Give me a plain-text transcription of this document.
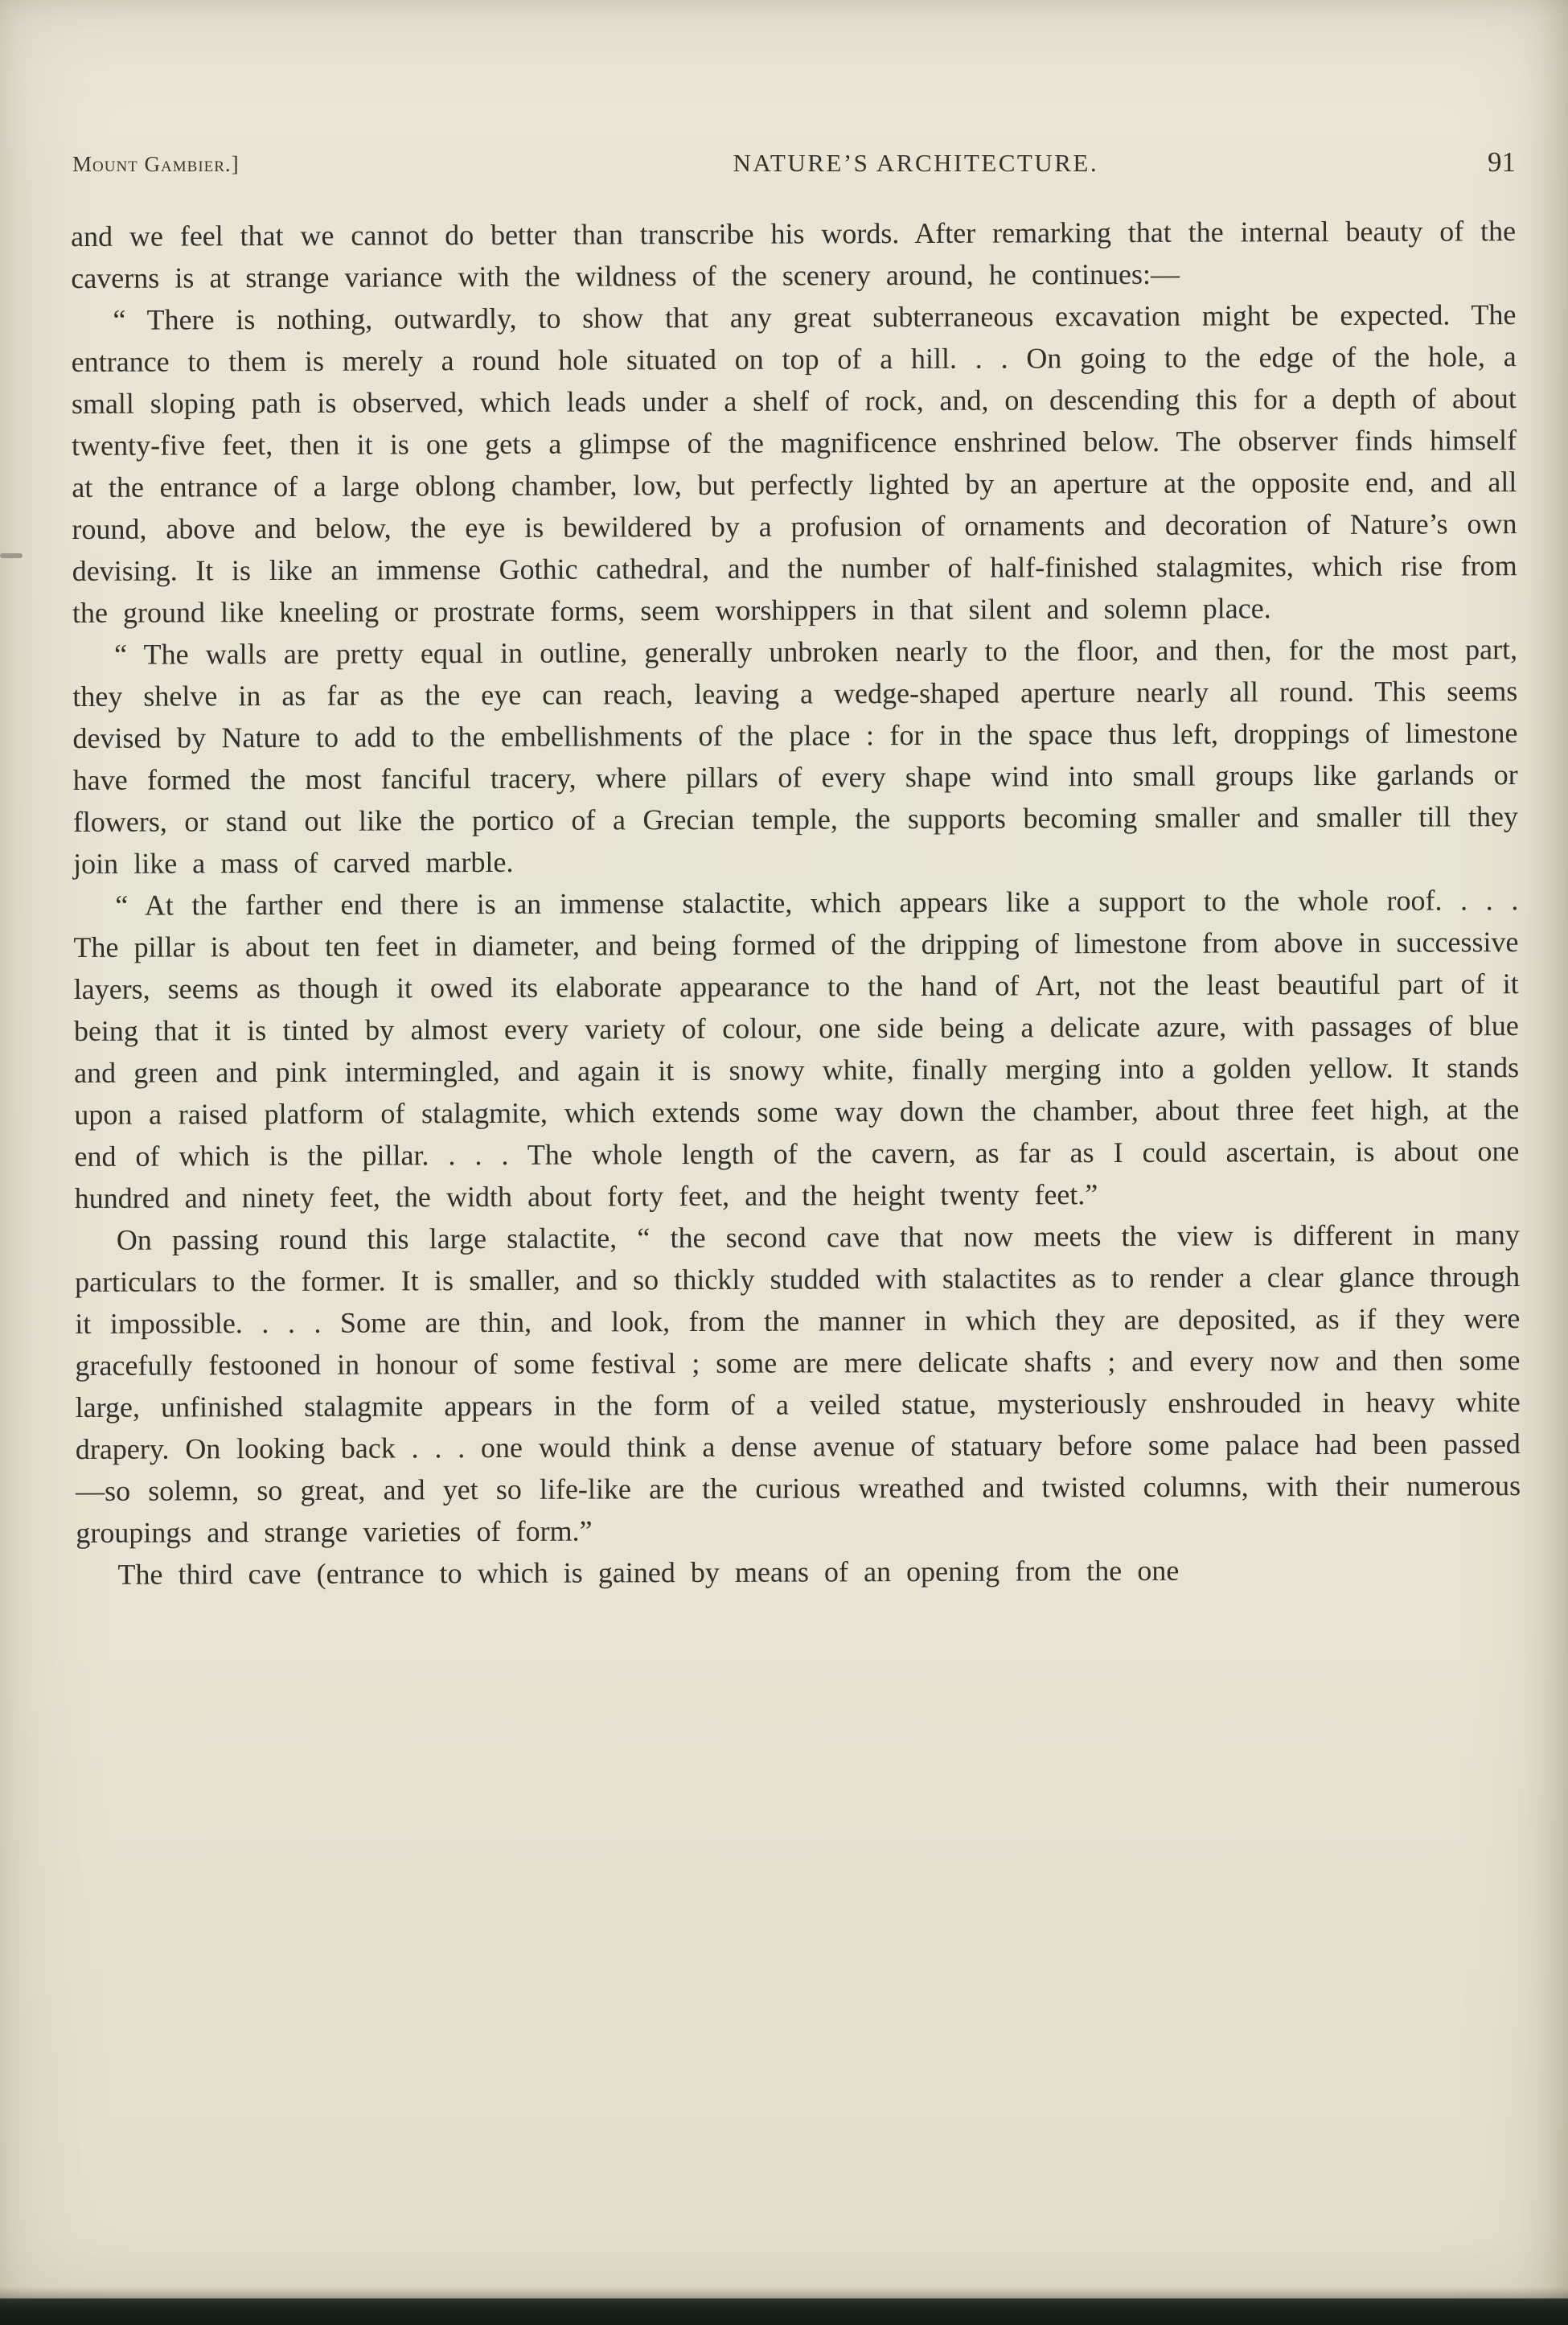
Mount Gambier.]	NATURE’S ARCHITECTURE.	91

and we feel that we cannot do better than transcribe his words. After remarking that the internal beauty of the caverns is at strange variance with the wildness of the scenery around, he continues:—

“ There is nothing, outwardly, to show that any great subterraneous excavation might be expected. The entrance to them is merely a round hole situated on top of a hill. . . On going to the edge of the hole, a small sloping path is observed, which leads under a shelf of rock, and, on descending this for a depth of about twenty-five feet, then it is one gets a glimpse of the magnificence enshrined below. The observer finds himself at the entrance of a large oblong chamber, low, but perfectly lighted by an aperture at the opposite end, and all round, above and below, the eye is bewildered by a profusion of ornaments and decoration of Nature’s own devising. It is like an immense Gothic cathedral, and the number of half-finished stalagmites, which rise from the ground like kneeling or prostrate forms, seem worshippers in that silent and solemn place.

“ The walls are pretty equal in outline, generally unbroken nearly to the floor, and then, for the most part, they shelve in as far as the eye can reach, leaving a wedge-shaped aperture nearly all round. This seems devised by Nature to add to the embellishments of the place : for in the space thus left, droppings of limestone have formed the most fanciful tracery, where pillars of every shape wind into small groups like garlands or flowers, or stand out like the portico of a Grecian temple, the supports becoming smaller and smaller till they join like a mass of carved marble.

“ At the farther end there is an immense stalactite, which appears like a support to the whole roof. . . . The pillar is about ten feet in diameter, and being formed of the dripping of limestone from above in successive layers, seems as though it owed its elaborate appearance to the hand of Art, not the least beautiful part of it being that it is tinted by almost every variety of colour, one side being a delicate azure, with passages of blue and green and pink intermingled, and again it is snowy white, finally merging into a golden yellow. It stands upon a raised platform of stalagmite, which extends some way down the chamber, about three feet high, at the end of which is the pillar. . . . The whole length of the cavern, as far as I could ascertain, is about one hundred and ninety feet, the width about forty feet, and the height twenty feet.”

On passing round this large stalactite, “ the second cave that now meets the view is different in many particulars to the former. It is smaller, and so thickly studded with stalactites as to render a clear glance through it impossible. . . . Some are thin, and look, from the manner in which they are deposited, as if they were gracefully festooned in honour of some festival ; some are mere delicate shafts ; and every now and then some large, unfinished stalagmite appears in the form of a veiled statue, mysteriously enshrouded in heavy white drapery. On looking back . . . one would think a dense avenue of statuary before some palace had been passed—so solemn, so great, and yet so life-like are the curious wreathed and twisted columns, with their numerous groupings and strange varieties of form.”

The third cave (entrance to which is gained by means of an opening from the one
